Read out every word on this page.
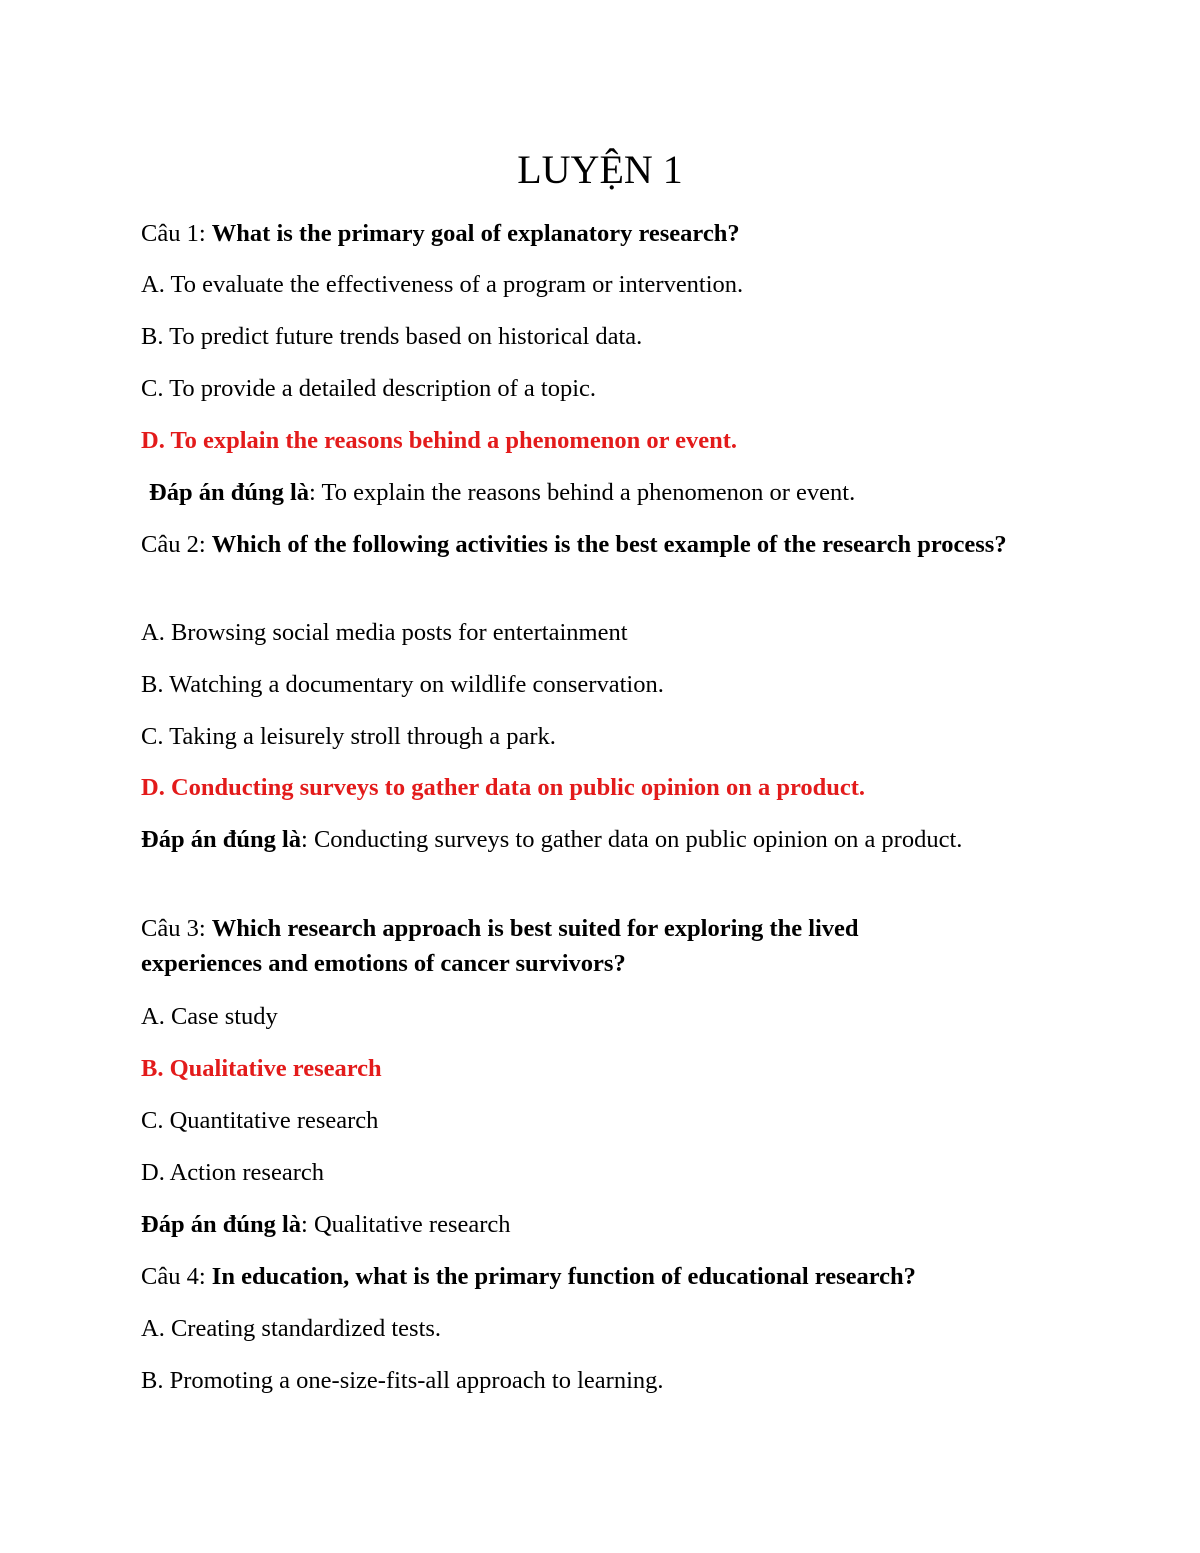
LUYỆN 1
Câu 1: What is the primary goal of explanatory research?
A. To evaluate the effectiveness of a program or intervention.
B. To predict future trends based on historical data.
C. To provide a detailed description of a topic.
D. To explain the reasons behind a phenomenon or event.
Đáp án đúng là: To explain the reasons behind a phenomenon or event.
Câu 2: Which of the following activities is the best example of the research process?
A. Browsing social media posts for entertainment
B. Watching a documentary on wildlife conservation.
C. Taking a leisurely stroll through a park.
D. Conducting surveys to gather data on public opinion on a product.
Đáp án đúng là: Conducting surveys to gather data on public opinion on a product.
Câu 3: Which research approach is best suited for exploring the lived experiences and emotions of cancer survivors?
A. Case study
B. Qualitative research
C. Quantitative research
D. Action research
Đáp án đúng là: Qualitative research
Câu 4: In education, what is the primary function of educational research?
A. Creating standardized tests.
B. Promoting a one-size-fits-all approach to learning.
